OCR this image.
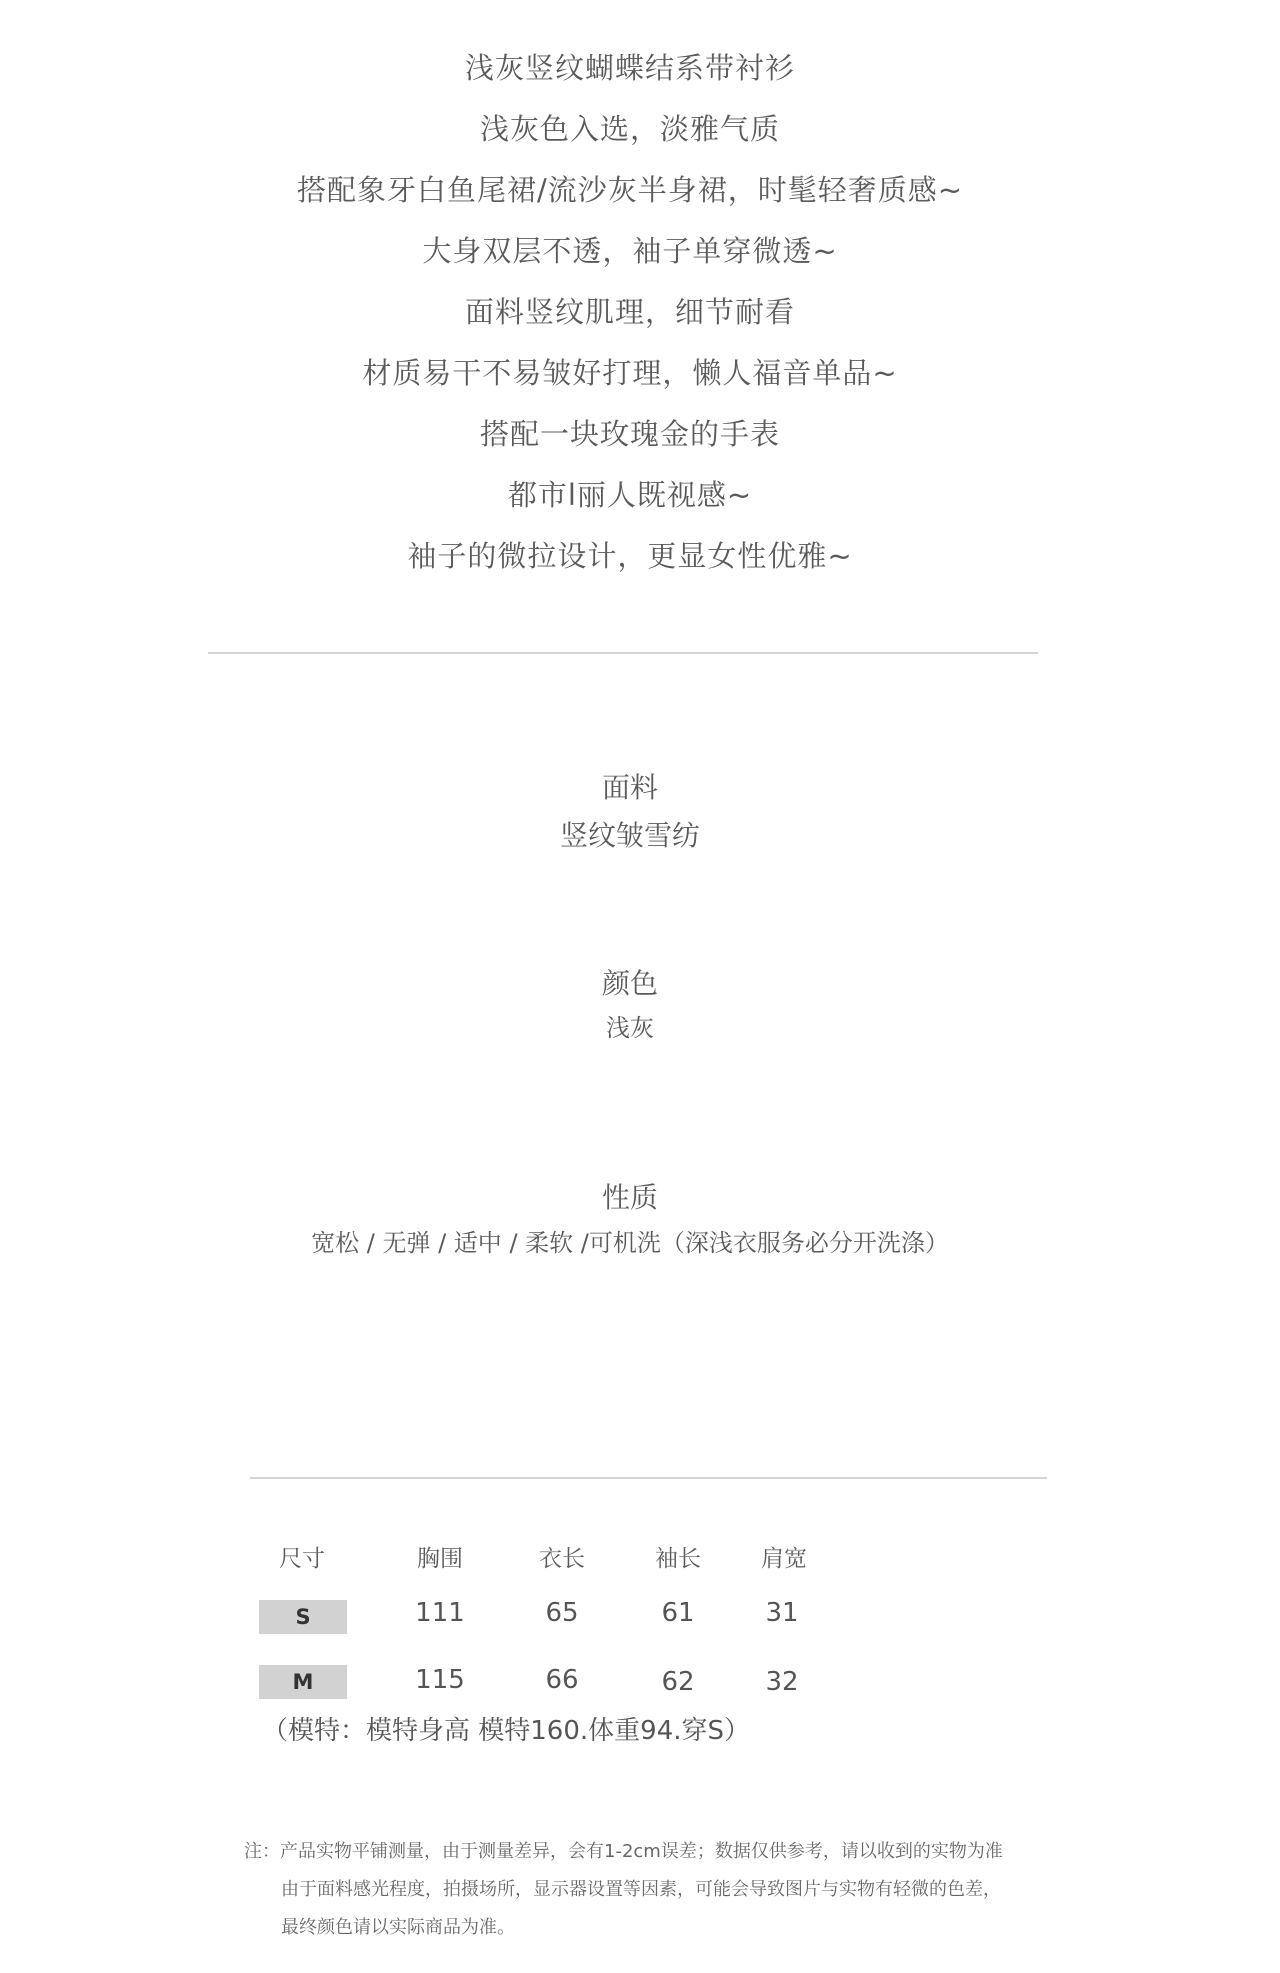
浅灰竖纹蝴蝶结系带衬衫
浅灰色入选，淡雅气质
搭配象牙白鱼尾裙/流沙灰半身裙，时髦轻奢质感~
大身双层不透，袖子单穿微透~
面料竖纹肌理，细节耐看
材质易干不易皱好打理，懒人福音单品~
搭配一块玫瑰金的手表
都市l丽人既视感~
袖子的微拉设计，更显女性优雅~
面料
竖纹皱雪纺
颜色
浅灰
性质
宽松 / 无弹 / 适中 / 柔软 /可机洗（深浅衣服务必分开洗涤）
尺寸	胸围	衣长	袖长	肩宽
S	111	65	61	31
M	115	66	62	32
（模特：模特身高 模特160.体重94.穿S）
注：产品实物平铺测量，由于测量差异，会有1-2cm误差；数据仅供参考，请以收到的实物为准
由于面料感光程度，拍摄场所，显示器设置等因素，可能会导致图片与实物有轻微的色差，
最终颜色请以实际商品为准。
